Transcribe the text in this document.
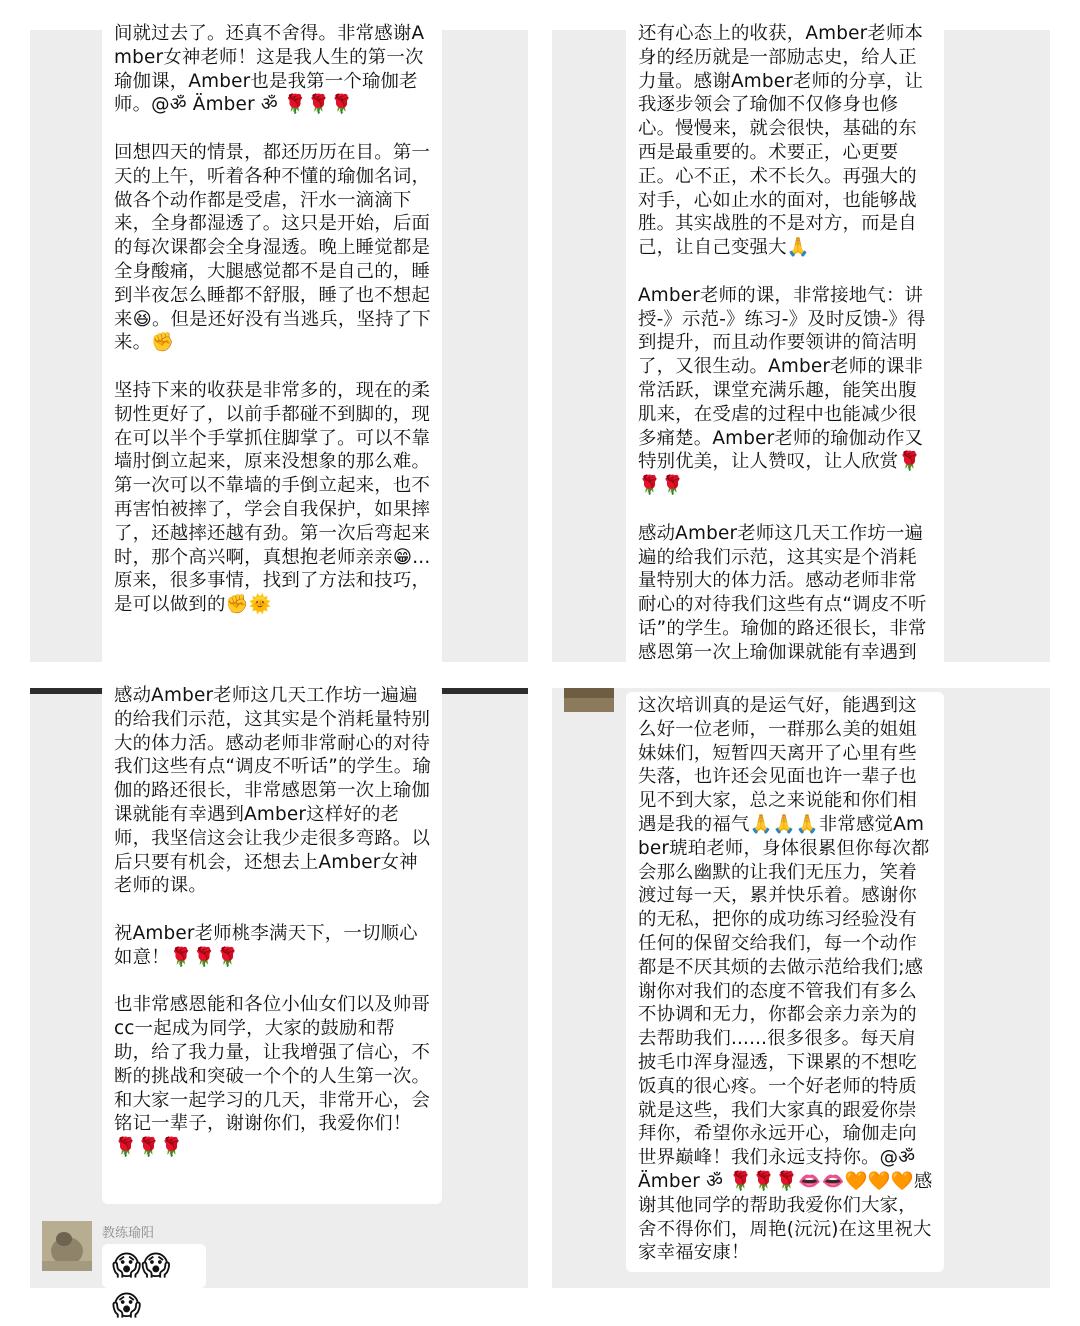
间就过去了。还真不舍得。非常感谢Amber女神老师！这是我人生的第一次瑜伽课，Amber也是我第一个瑜伽老师。@ॐ Ämber ॐ 🌹🌹🌹

回想四天的情景，都还历历在目。第一天的上午，听着各种不懂的瑜伽名词，做各个动作都是受虐，汗水一滴滴下来，全身都湿透了。这只是开始，后面的每次课都会全身湿透。晚上睡觉都是全身酸痛，大腿感觉都不是自己的，睡到半夜怎么睡都不舒服，睡了也不想起来😆。但是还好没有当逃兵，坚持了下来。✊

坚持下来的收获是非常多的，现在的柔韧性更好了，以前手都碰不到脚的，现在可以半个手掌抓住脚掌了。可以不靠墙肘倒立起来，原来没想象的那么难。第一次可以不靠墙的手倒立起来，也不再害怕被摔了，学会自我保护，如果摔了，还越摔还越有劲。第一次后弯起来时，那个高兴啊，真想抱老师亲亲😁...原来，很多事情，找到了方法和技巧，是可以做到的✊🌞

还有心态上的收获，Amber老师本身的经历就是一部励志史，给人正力量。感谢Amber老师的分享，让我逐步领会了瑜伽不仅修身也修心。慢慢来，就会很快，基础的东西是最重要的。术要正，心更要正。心不正，术不长久。再强大的对手，心如止水的面对，也能够战胜。其实战胜的不是对方，而是自己，让自己变强大🙏

Amber老师的课，非常接地气：讲授-》示范-》练习-》及时反馈-》得到提升，而且动作要领讲的简洁明了，又很生动。Amber老师的课非常活跃，课堂充满乐趣，能笑出腹肌来，在受虐的过程中也能减少很多痛楚。Amber老师的瑜伽动作又特别优美，让人赞叹，让人欣赏🌹🌹🌹

感动Amber老师这几天工作坊一遍遍的给我们示范，这其实是个消耗量特别大的体力活。感动老师非常耐心的对待我们这些有点“调皮不听话”的学生。瑜伽的路还很长，非常感恩第一次上瑜伽课就能有幸遇到

感动Amber老师这几天工作坊一遍遍的给我们示范，这其实是个消耗量特别大的体力活。感动老师非常耐心的对待我们这些有点“调皮不听话”的学生。瑜伽的路还很长，非常感恩第一次上瑜伽课就能有幸遇到Amber这样好的老师，我坚信这会让我少走很多弯路。以后只要有机会，还想去上Amber女神老师的课。

祝Amber老师桃李满天下，一切顺心如意！🌹🌹🌹

也非常感恩能和各位小仙女们以及帅哥cc一起成为同学，大家的鼓励和帮助，给了我力量，让我增强了信心，不断的挑战和突破一个个的人生第一次。和大家一起学习的几天，非常开心，会铭记一辈子，谢谢你们，我爱你们！🌹🌹🌹

教练瑜阳
😱😱😱

这次培训真的是运气好，能遇到这么好一位老师，一群那么美的姐姐妹妹们，短暂四天离开了心里有些失落，也许还会见面也许一辈子也见不到大家，总之来说能和你们相遇是我的福气🙏🙏🙏非常感觉Amber琥珀老师，身体很累但你每次都会那么幽默的让我们无压力，笑着渡过每一天，累并快乐着。感谢你的无私，把你的成功练习经验没有任何的保留交给我们，每一个动作都是不厌其烦的去做示范给我们;感谢你对我们的态度不管我们有多么不协调和无力，你都会亲力亲为的去帮助我们......很多很多。每天肩披毛巾浑身湿透，下课累的不想吃饭真的很心疼。一个好老师的特质就是这些，我们大家真的跟爱你崇拜你，希望你永远开心，瑜伽走向世界巅峰！我们永远支持你。@ॐ Ämber ॐ 🌹🌹🌹👄👄🧡🧡🧡感谢其他同学的帮助我爱你们大家，舍不得你们，周艳(沅沅)在这里祝大家幸福安康！
